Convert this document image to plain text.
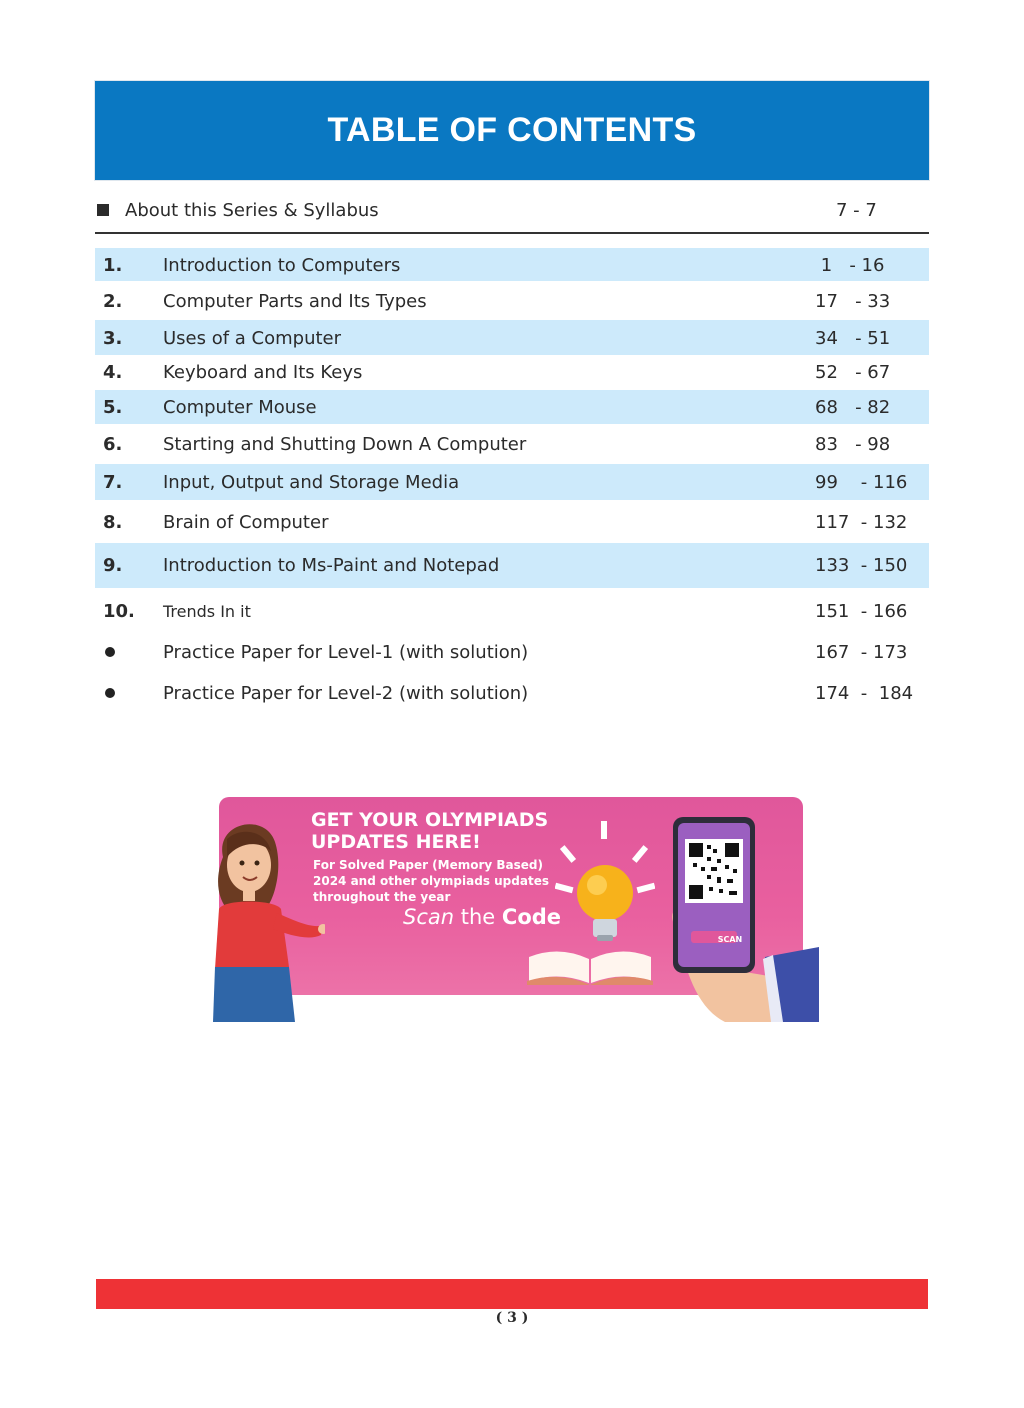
TABLE OF CONTENTS
About this Series & Syllabus	7 - 7
1. Introduction to Computers	1   - 16
2. Computer Parts and Its Types	17   - 33
3. Uses of a Computer	34   - 51
4. Keyboard and Its Keys	52   - 67
5. Computer Mouse	68   - 82
6. Starting and Shutting Down A Computer	83   - 98
7. Input, Output and Storage Media	99    - 116
8. Brain of Computer	117  - 132
9. Introduction to Ms-Paint and Notepad	133  - 150
10. Trends In it	151  - 166
Practice Paper for Level-1 (with solution)	167  - 173
Practice Paper for Level-2 (with solution)	174  -  184
GET YOUR OLYMPIADS
UPDATES HERE!
For Solved Paper (Memory Based)
2024 and other olympiads updates
throughout the year
Scan the Code
SCAN
( 3 )
